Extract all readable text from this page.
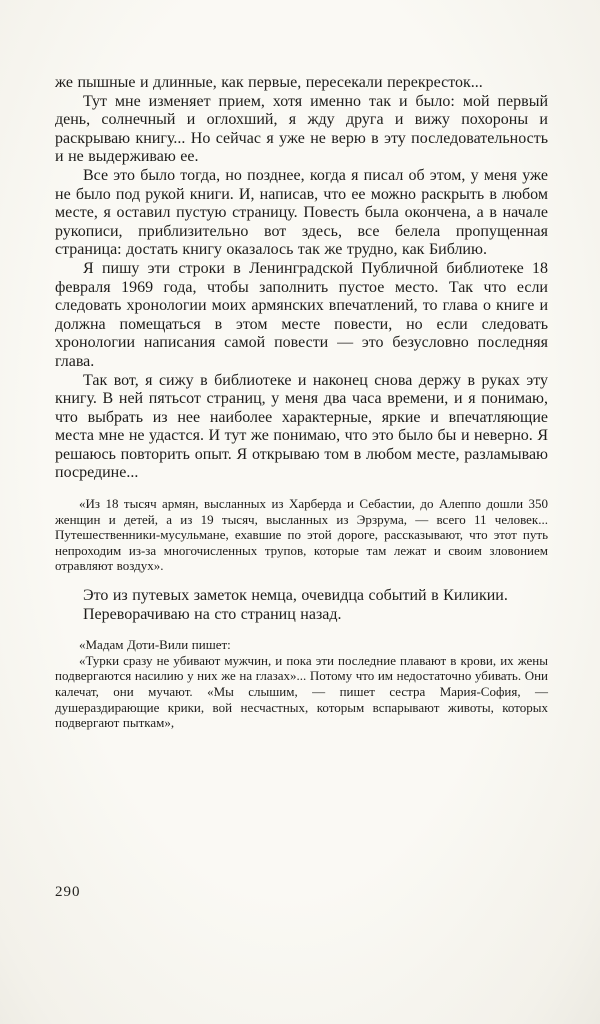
же пышные и длинные, как первые, пересекали перекресток...

Тут мне изменяет прием, хотя именно так и было: мой первый день, солнечный и оглохший, я жду друга и вижу похороны и раскрываю книгу... Но сейчас я уже не верю в эту последовательность и не выдерживаю ее.

Все это было тогда, но позднее, когда я писал об этом, у меня уже не было под рукой книги. И, написав, что ее можно раскрыть в любом месте, я оставил пустую страницу. Повесть была окончена, а в начале рукописи, приблизительно вот здесь, все белела пропущенная страница: достать книгу оказалось так же трудно, как Библию.

Я пишу эти строки в Ленинградской Публичной библиотеке 18 февраля 1969 года, чтобы заполнить пустое место. Так что если следовать хронологии моих армянских впечатлений, то глава о книге и должна помещаться в этом месте повести, но если следовать хронологии написания самой повести — это безусловно последняя глава.

Так вот, я сижу в библиотеке и наконец снова держу в руках эту книгу. В ней пятьсот страниц, у меня два часа времени, и я понимаю, что выбрать из нее наиболее характерные, яркие и впечатляющие места мне не удастся. И тут же понимаю, что это было бы и неверно. Я решаюсь повторить опыт. Я открываю том в любом месте, разламываю посредине...

«Из 18 тысяч армян, высланных из Харберда и Себастии, до Алеппо дошли 350 женщин и детей, а из 19 тысяч, высланных из Эрзрума, — всего 11 человек... Путешественники-мусульмане, ехавшие по этой дороге, рассказывают, что этот путь непроходим из-за многочисленных трупов, которые там лежат и своим зловонием отравляют воздух».

Это из путевых заметок немца, очевидца событий в Киликии.

Переворачиваю на сто страниц назад.

«Мадам Доти-Вили пишет:

«Турки сразу не убивают мужчин, и пока эти последние плавают в крови, их жены подвергаются насилию у них же на глазах»... Потому что им недостаточно убивать. Они калечат, они мучают. «Мы слышим, — пишет сестра Мария-София, — душераздирающие крики, вой несчастных, которым вспарывают животы, которых подвергают пыткам»,

290
